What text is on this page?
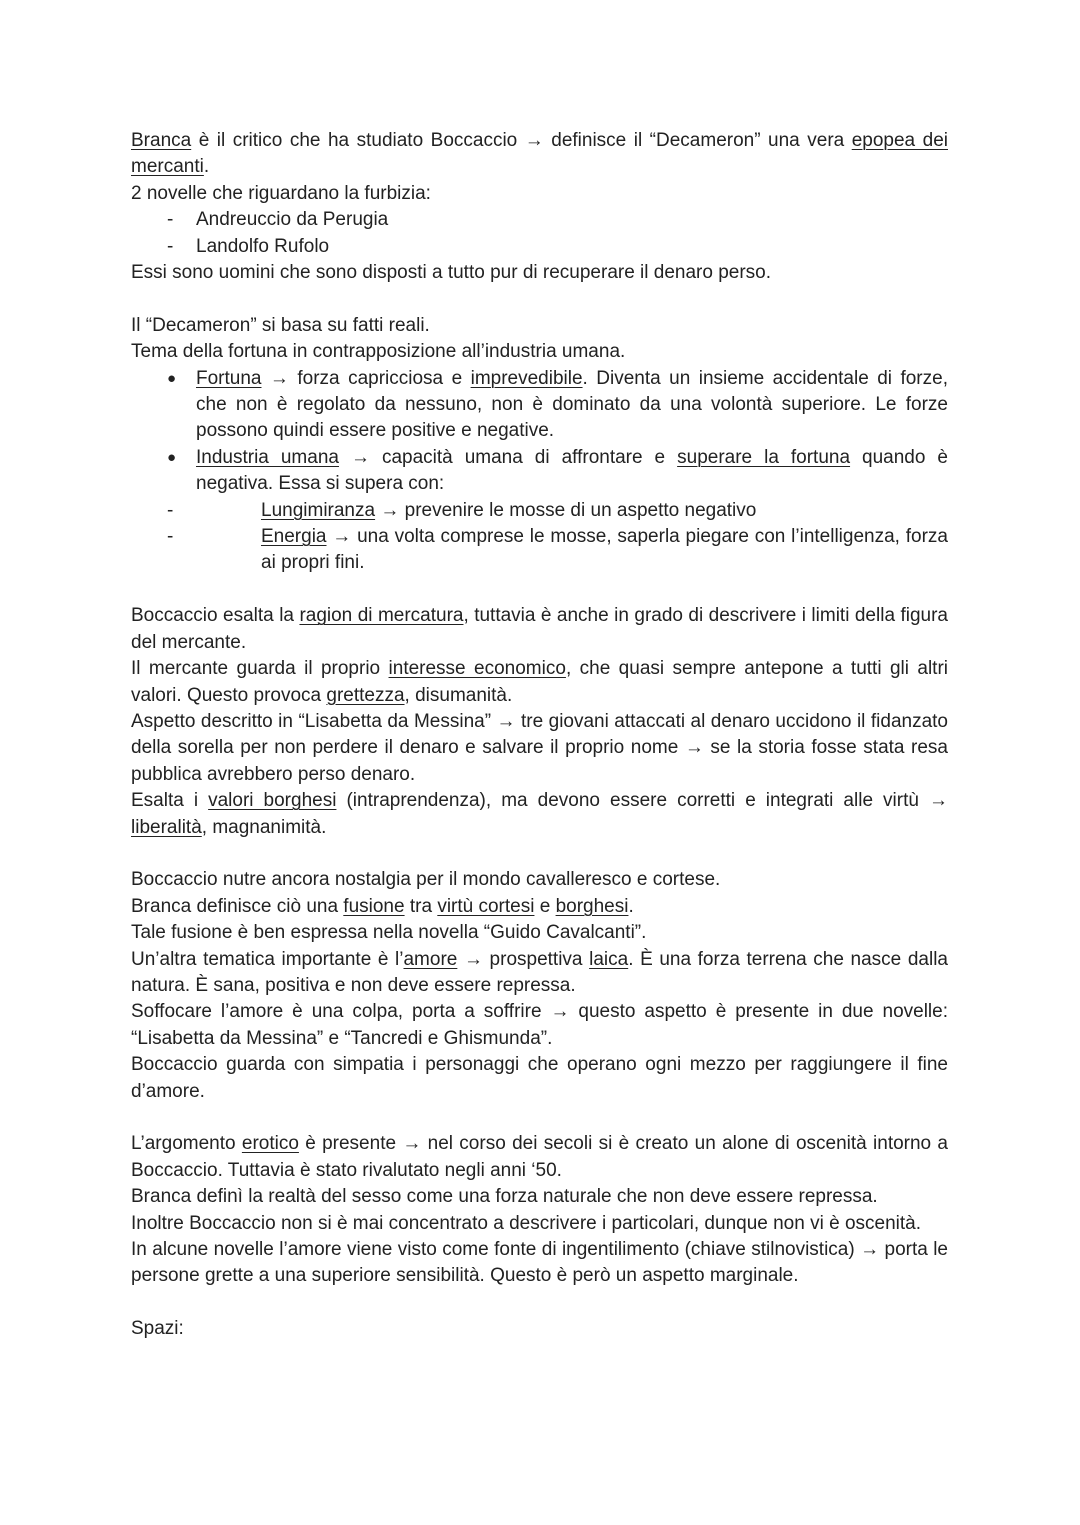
Branca è il critico che ha studiato Boccaccio → definisce il “Decameron” una vera epopea dei mercanti.

2 novelle che riguardano la furbizia:

- Andreuccio da Perugia
- Landolfo Rufolo

Essi sono uomini che sono disposti a tutto pur di recuperare il denaro perso.

Il “Decameron” si basa su fatti reali.

Tema della fortuna in contrapposizione all’industria umana.

● Fortuna → forza capricciosa e imprevedibile. Diventa un insieme accidentale di forze, che non è regolato da nessuno, non è dominato da una volontà superiore. Le forze possono quindi essere positive e negative.
● Industria umana → capacità umana di affrontare e superare la fortuna quando è negativa. Essa si supera con:
- Lungimiranza → prevenire le mosse di un aspetto negativo
- Energia → una volta comprese le mosse, saperla piegare con l’intelligenza, forza ai propri fini.

Boccaccio esalta la ragion di mercatura, tuttavia è anche in grado di descrivere i limiti della figura del mercante.

Il mercante guarda il proprio interesse economico, che quasi sempre antepone a tutti gli altri valori. Questo provoca grettezza, disumanità.

Aspetto descritto in “Lisabetta da Messina” → tre giovani attaccati al denaro uccidono il fidanzato della sorella per non perdere il denaro e salvare il proprio nome → se la storia fosse stata resa pubblica avrebbero perso denaro.

Esalta i valori borghesi (intraprendenza), ma devono essere corretti e integrati alle virtù → liberalità, magnanimità.

Boccaccio nutre ancora nostalgia per il mondo cavalleresco e cortese.

Branca definisce ciò una fusione tra virtù cortesi e borghesi.

Tale fusione è ben espressa nella novella “Guido Cavalcanti”.

Un’altra tematica importante è l’amore → prospettiva laica. È una forza terrena che nasce dalla natura. È sana, positiva e non deve essere repressa.

Soffocare l’amore è una colpa, porta a soffrire → questo aspetto è presente in due novelle: “Lisabetta da Messina” e “Tancredi e Ghismunda”.

Boccaccio guarda con simpatia i personaggi che operano ogni mezzo per raggiungere il fine d’amore.

L’argomento erotico è presente → nel corso dei secoli si è creato un alone di oscenità intorno a Boccaccio. Tuttavia è stato rivalutato negli anni ‘50.

Branca definì la realtà del sesso come una forza naturale che non deve essere repressa.

Inoltre Boccaccio non si è mai concentrato a descrivere i particolari, dunque non vi è oscenità.

In alcune novelle l’amore viene visto come fonte di ingentilimento (chiave stilnovistica) → porta le persone grette a una superiore sensibilità. Questo è però un aspetto marginale.

Spazi:
